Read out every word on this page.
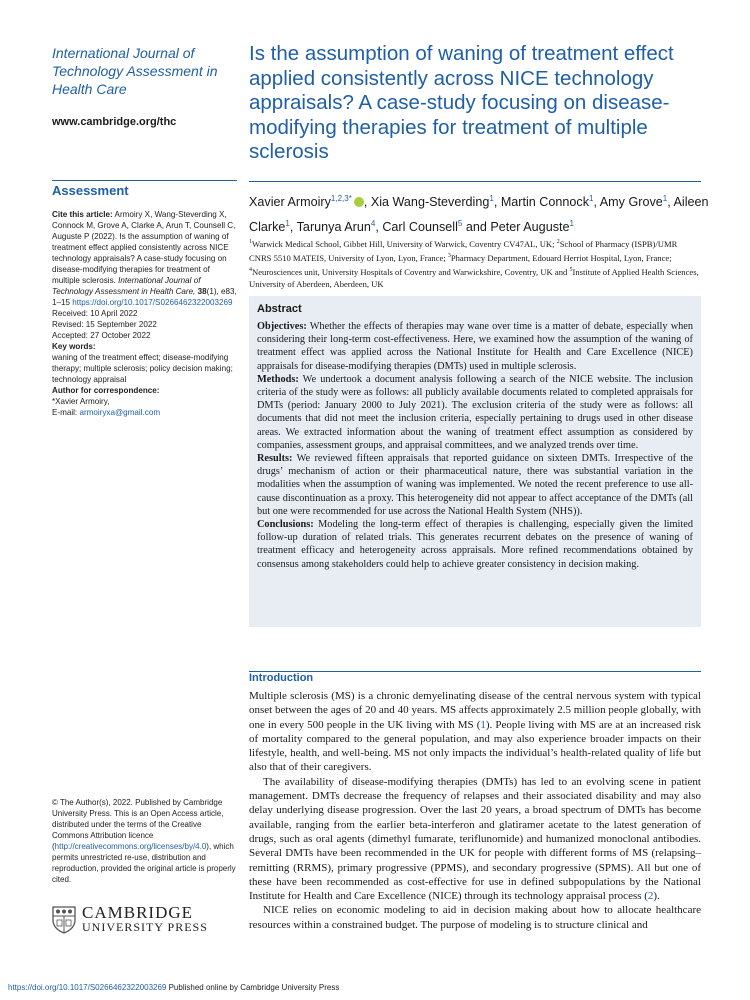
International Journal of Technology Assessment in Health Care
www.cambridge.org/thc
Assessment

Cite this article: Armoiry X, Wang-Steverding X, Connock M, Grove A, Clarke A, Arun T, Counsell C, Auguste P (2022). Is the assumption of waning of treatment effect applied consistently across NICE technology appraisals? A case-study focusing on disease-modifying therapies for treatment of multiple sclerosis. International Journal of Technology Assessment in Health Care, 38(1), e83, 1–15 https://doi.org/10.1017/S0266462322003269

Received: 10 April 2022
Revised: 15 September 2022
Accepted: 27 October 2022

Key words:
waning of the treatment effect; disease-modifying therapy; multiple sclerosis; policy decision making; technology appraisal

Author for correspondence:
*Xavier Armoiry,
E-mail: armoiryxa@gmail.com

© The Author(s), 2022. Published by Cambridge University Press. This is an Open Access article, distributed under the terms of the Creative Commons Attribution licence (http://creativecommons.org/licenses/by/4.0), which permits unrestricted re-use, distribution and reproduction, provided the original article is properly cited.
CAMBRIDGE
UNIVERSITY PRESS
Is the assumption of waning of treatment effect applied consistently across NICE technology appraisals? A case-study focusing on disease-modifying therapies for treatment of multiple sclerosis
Xavier Armoiry$^{1,2,3*}$ , Xia Wang-Steverding$^1$, Martin Connock$^1$, Amy Grove$^1$, Aileen Clarke$^1$, Tarunya Arun$^4$, Carl Counsell$^5$ and Peter Auguste$^1$
$^1$Warwick Medical School, Gibbet Hill, University of Warwick, Coventry CV47AL, UK; $^2$School of Pharmacy (ISPB)/UMR CNRS 5510 MATEIS, University of Lyon, Lyon, France; $^3$Pharmacy Department, Edouard Herriot Hospital, Lyon, France; $^4$Neurosciences unit, University Hospitals of Coventry and Warwickshire, Coventry, UK and $^5$Institute of Applied Health Sciences, University of Aberdeen, Aberdeen, UK
Abstract

Objectives: Whether the effects of therapies may wane over time is a matter of debate, especially when considering their long-term cost-effectiveness. Here, we examined how the assumption of the waning of treatment effect was applied across the National Institute for Health and Care Excellence (NICE) appraisals for disease-modifying therapies (DMTs) used in multiple sclerosis.

Methods: We undertook a document analysis following a search of the NICE website. The inclusion criteria of the study were as follows: all publicly available documents related to completed appraisals for DMTs (period: January 2000 to July 2021). The exclusion criteria of the study were as follows: all documents that did not meet the inclusion criteria, especially pertaining to drugs used in other disease areas. We extracted information about the waning of treatment effect assumption as considered by companies, assessment groups, and appraisal committees, and we analyzed trends over time.

Results: We reviewed fifteen appraisals that reported guidance on sixteen DMTs. Irrespective of the drugs’ mechanism of action or their pharmaceutical nature, there was substantial variation in the modalities when the assumption of waning was implemented. We noted the recent preference to use all-cause discontinuation as a proxy. This heterogeneity did not appear to affect acceptance of the DMTs (all but one were recommended for use across the National Health System (NHS)).

Conclusions: Modeling the long-term effect of therapies is challenging, especially given the limited follow-up duration of related trials. This generates recurrent debates on the presence of waning of treatment efficacy and heterogeneity across appraisals. More refined recommendations obtained by consensus among stakeholders could help to achieve greater consistency in decision making.

Introduction

Multiple sclerosis (MS) is a chronic demyelinating disease of the central nervous system with typical onset between the ages of 20 and 40 years. MS affects approximately 2.5 million people globally, with one in every 500 people in the UK living with MS (1). People living with MS are at an increased risk of mortality compared to the general population, and may also experience broader impacts on their lifestyle, health, and well-being. MS not only impacts the individual’s health-related quality of life but also that of their caregivers.

The availability of disease-modifying therapies (DMTs) has led to an evolving scene in patient management. DMTs decrease the frequency of relapses and their associated disability and may also delay underlying disease progression. Over the last 20 years, a broad spectrum of DMTs has become available, ranging from the earlier beta-interferon and glatiramer acetate to the latest generation of drugs, such as oral agents (dimethyl fumarate, teriflunomide) and humanized monoclonal antibodies. Several DMTs have been recommended in the UK for people with different forms of MS (relapsing–remitting (RRMS), primary progressive (PPMS), and secondary progressive (SPMS). All but one of these have been recommended as cost-effective for use in defined subpopulations by the National Institute for Health and Care Excellence (NICE) through its technology appraisal process (2).

NICE relies on economic modeling to aid in decision making about how to allocate healthcare resources within a constrained budget. The purpose of modeling is to structure clinical and

https://doi.org/10.1017/S0266462322003269 Published online by Cambridge University Press
